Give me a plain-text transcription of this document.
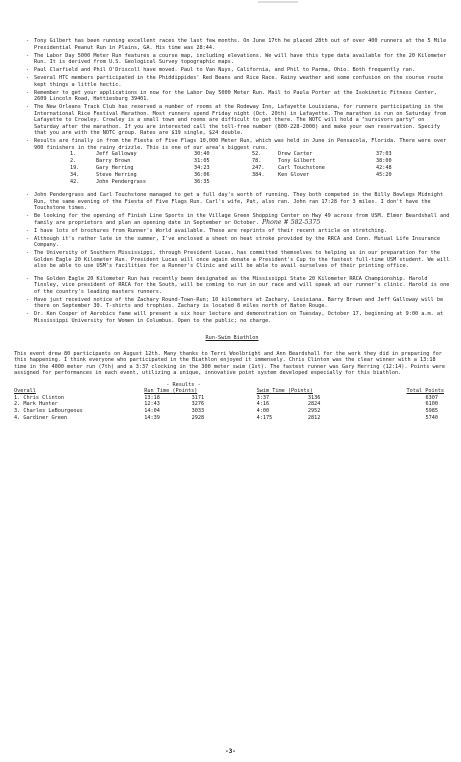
- Tony Gilbert has been running excellent races the last few months. On June 17th he placed 28th out of over 400 runners at the 5 Mile Presidential Peanut Run in Plains, GA. His time was 28:44.
- The Labor Day 5000 Meter Run features a course map, including elevations. We will have this type data available for the 20 Kilometer Run. It is derived from U.S. Geological Survey topographic maps.
- Paul Clarfield and Phil O'Driscoll have moved. Paul to Van Nuys, California, and Phil to Parma, Ohio. Both frequently ran.
- Several HTC members participated in the Phiddippides' Red Beans and Rice Race. Rainy weather and some confusion on the course route kept things a little hectic.
- Remember to get your applications in now for the Labor Day 5000 Meter Run. Mail to Paula Porter at the Isokinetic Fitness Center, 2609 Lincoln Road, Hattiesburg 39401.
- The New Orleans Track Club has reserved a number of rooms at the Rodeway Inn, Lafayette Louisiana, for runners participating in the International Rice Festival Marathon. Most runners spend Friday night (Oct. 20th) in Lafayette. The marathon is run on Saturday from Lafayette to Crowley. Crowley is a small town and rooms are difficult to get there. The NOTC will hold a "survivors party" on Saturday after the marathon. If you are interested call the toll-free number (800-228-2000) and make your own reservation. Specify that you are with the NOTC group. Rates are $19 single, $24 double.
- Results are finally in from the Fiesta of Five Flags 10,000 Meter Run, which was held in June in Pensacola, Florida. There were over 900 finishers in the rainy drizzle. This is one of our area's biggest runs.
1.	Jeff Galloway	30:40	52.	Drew Carter	37:03
2.	Barry Brown	31:05	78.	Tony Gilbert	38:00
19.	Gary Herring	34:23	247.	Carl Touchstone	42:48
34.	Steve Herring	36:06	384.	Ken Glover	45:20
42.	John Pendergrass	36:35			
- John Pendergrass and Carl Touchstone managed to get a full day's worth of running. They both competed in the Billy Bowlegs Midnight Run, the same evening of the Fiesta of Five Flags Run. Carl's wife, Pat, also ran. John ran 17:28 for 3 miles. I don't have the Touchstone times.
- Be looking for the opening of Finish Line Sports in the Village Green Shopping Center on Hwy 49 across from USM. Elmer Beardshall and family are proprietors and plan an opening date in September or October. Phone # 582-5375
- I have lots of brochures from Runner's World available. These are reprints of their recent article on stretching.
- Although it's rather late in the summer, I've enclosed a sheet on heat stroke provided by the RRCA and Conn. Mutual Life Insurance Company.
- The University of Southern Mississippi, through President Lucas, has committed themselves to helping us in our preparation for the Golden Eagle 20 Kilometer Run. President Lucas will once again donate a President's Cup to the fastest full-time USM student. We will also be able to use USM's facilities for a Runner's Clinic and will be able to avail ourselves of their printing office.
- The Golden Eagle 20 Kilometer Run has recently been designated as the Mississippi State 20 Kilometer RRCA Championship. Harold Tinsley, vice president of RRCA for the South, will be coming to run in our race and will speak at our runner's clinic. Harold is one of the country's leading masters runners.
- Have just received notice of the Zachary Round-Town-Run; 10 kilometers at Zachary, Louisiana. Barry Brown and Jeff Galloway will be there on September 30. T-shirts and trophies. Zachary is located 8 miles north of Baton Rouge.
- Dr. Ken Cooper of Aerobics fame will present a six hour lecture and demonstration on Tuesday, October 17, beginning at 9:00 a.m. at Mississippi University for Women in Columbus. Open to the public; no charge.
Run-Swim Biathlon

This event drew 80 participants on August 12th. Many thanks to Terri Woolbright and Ann Beardshall for the work they did in preparing for this happening. I think everyone who participated in the Biathlon enjoyed it immensely. Chris Clinton was the clear winner with a 13:18 time in the 4000 meter run (7th) and a 3:37 clocking in the 300 meter swim (1st). The fastest runner was Gary Herring (12:14). Points were assigned for performances in each event, utilizing a unique, innovative point system developed especially for this biathlon.

	- Results -				
Overall	Run Time (Points)		Swim Time (Points)		Total Points
1. Chris Clinton	13:18	3171	3:37	3136	6307
2. Mark Hunter	12:43	3276	4:16	2824	6100
3. Charles LeBourgeous	14:04	3033	4:00	2952	5985
4. Gardiner Green	14:39	2928	4:175	2812	5740
-3-
